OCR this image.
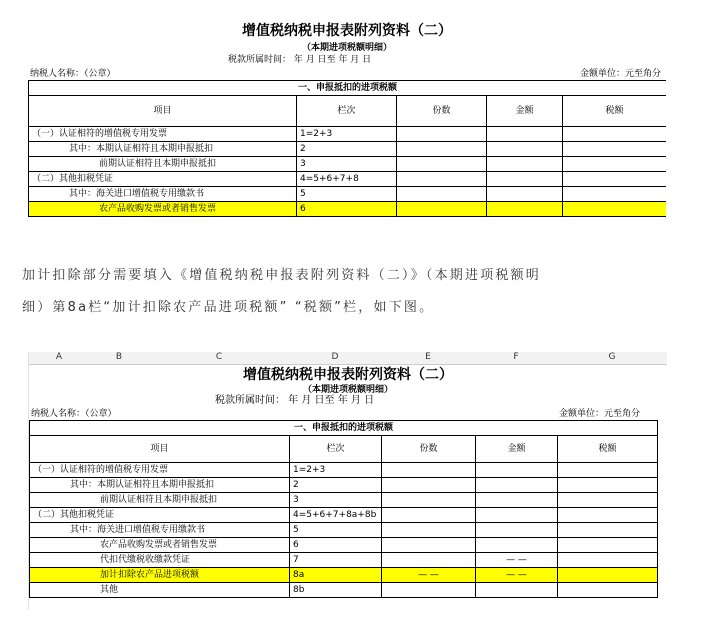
增值税纳税申报表附列资料（二）
（本期进项税额明细）
税款所属时间： 年 月 日至 年 月 日
纳税人名称：（公章）	金额单位：元至角分
一、申报抵扣的进项税额				
项目	栏次	份数	金额	税额
（一）认证相符的增值税专用发票	1=2+3			
其中：本期认证相符且本期申报抵扣	2			
前期认证相符且本期申报抵扣	3			
（二）其他扣税凭证	4=5+6+7+8			
其中：海关进口增值税专用缴款书	5			
农产品收购发票或者销售发票	6			
加计扣除部分需要填入《增值税纳税申报表附列资料（二）》（本期进项税额明
细）第8a栏“加计扣除农产品进项税额” “税额”栏，如下图。
A	B	C	D	E	F	G
增值税纳税申报表附列资料（二）
（本期进项税额明细）
税款所属时间： 年 月 日至 年 月 日
纳税人名称：（公章）	金额单位：元至角分
一、申报抵扣的进项税额				
项目	栏次	份数	金额	税额
（一）认证相符的增值税专用发票	1=2+3			
其中：本期认证相符且本期申报抵扣	2			
前期认证相符且本期申报抵扣	3			
（二）其他扣税凭证	4=5+6+7+8a+8b			
其中：海关进口增值税专用缴款书	5			
农产品收购发票或者销售发票	6			
代扣代缴税收缴款凭证	7		— —	
加计扣除农产品进项税额	8a	— —	— —	
其他	8b			
